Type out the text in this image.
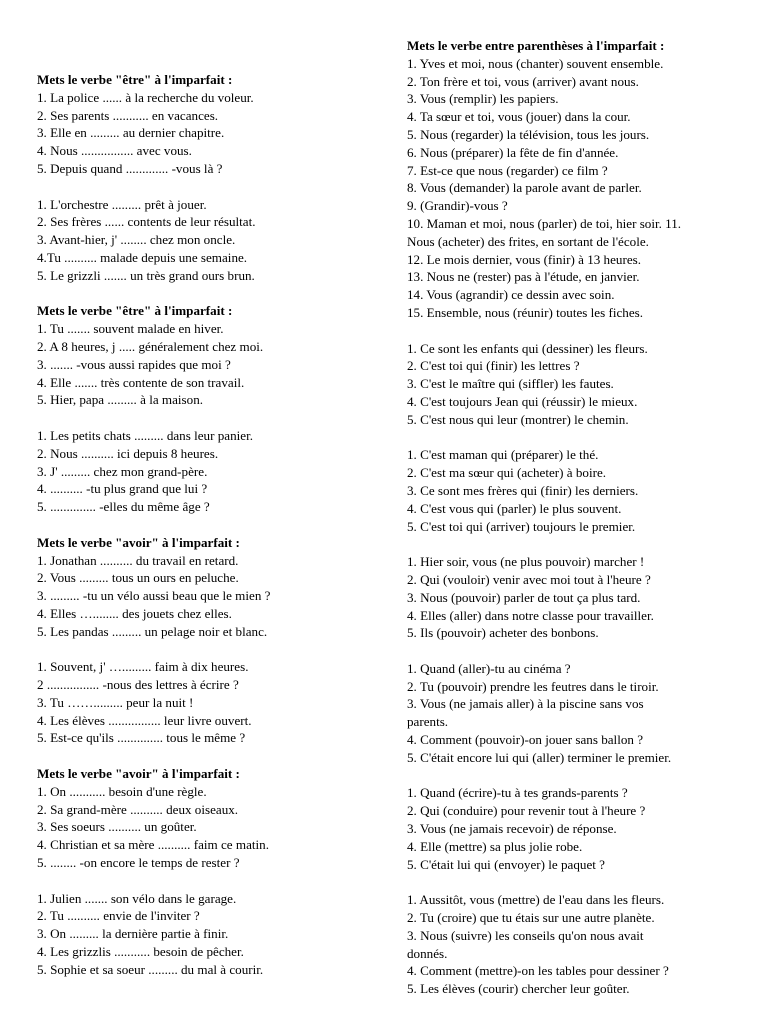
Mets le verbe "être" à l'imparfait :
1. La police ...... à la recherche du voleur.
2. Ses parents ........... en vacances.
3. Elle en ......... au dernier chapitre.
4. Nous ................ avec vous.
5. Depuis quand ............. -vous là ?
1. L'orchestre ......... prêt à jouer.
2. Ses frères ...... contents de leur résultat.
3. Avant-hier, j' ........ chez mon oncle.
4.Tu .......... malade depuis une semaine.
5. Le grizzli ....... un très grand ours brun.
Mets le verbe "être" à l'imparfait :
1. Tu ....... souvent malade en hiver.
2. A 8 heures, j ..... généralement chez moi.
3. ....... -vous aussi rapides que moi ?
4. Elle ....... très contente de son travail.
5. Hier, papa ......... à la maison.
1. Les petits chats ......... dans leur panier.
2. Nous .......... ici depuis 8 heures.
3. J' ......... chez mon grand-père.
4. .......... -tu plus grand que lui ?
5. .............. -elles du même âge ?
Mets le verbe "avoir" à l'imparfait :
1. Jonathan .......... du travail en retard.
2. Vous ......... tous un ours en peluche.
3. ......... -tu un vélo aussi beau que le mien ?
4. Elles …........ des jouets chez elles.
5. Les pandas ......... un pelage noir et blanc.
1. Souvent, j' …......... faim à dix heures.
2 ................ -nous des lettres à écrire ?
3. Tu ……......... peur la nuit !
4. Les élèves ................ leur livre ouvert.
5. Est-ce qu'ils .............. tous le même ?
Mets le verbe "avoir" à l'imparfait :
1. On ........... besoin d'une règle.
2. Sa grand-mère .......... deux oiseaux.
3. Ses soeurs .......... un goûter.
4. Christian et sa mère .......... faim ce matin.
5. ........ -on encore le temps de rester ?
1. Julien ....... son vélo dans le garage.
2. Tu .......... envie de l'inviter ?
3. On ......... la dernière partie à finir.
4. Les grizzlis ........... besoin de pêcher.
5. Sophie et sa soeur ......... du mal à courir.
Mets le verbe entre parenthèses à l'imparfait :
1. Yves et moi, nous (chanter) souvent ensemble.
2. Ton frère et toi, vous (arriver) avant nous.
3. Vous (remplir) les papiers.
4. Ta sœur et toi, vous (jouer) dans la cour.
5. Nous (regarder) la télévision, tous les jours.
6. Nous (préparer) la fête de fin d'année.
7. Est-ce que nous (regarder) ce film ?
8. Vous (demander) la parole avant de parler.
9. (Grandir)-vous ?
10. Maman et moi, nous (parler) de toi, hier soir. 11.
Nous (acheter) des frites, en sortant de l'école.
12. Le mois dernier, vous (finir) à 13 heures.
13. Nous ne (rester) pas à l'étude, en janvier.
14. Vous (agrandir) ce dessin avec soin.
15. Ensemble, nous (réunir) toutes les fiches.
1. Ce sont les enfants qui (dessiner) les fleurs.
2. C'est toi qui (finir) les lettres ?
3. C'est le maître qui (siffler) les fautes.
4. C'est toujours Jean qui (réussir) le mieux.
5. C'est nous qui leur (montrer) le chemin.
1. C'est maman qui (préparer) le thé.
2. C'est ma sœur qui (acheter) à boire.
3. Ce sont mes frères qui (finir) les derniers.
4. C'est vous qui (parler) le plus souvent.
5. C'est toi qui (arriver) toujours le premier.
1. Hier soir, vous (ne plus pouvoir) marcher !
2. Qui (vouloir) venir avec moi tout à l'heure ?
3. Nous (pouvoir) parler de tout ça plus tard.
4. Elles (aller) dans notre classe pour travailler.
5. Ils (pouvoir) acheter des bonbons.
1. Quand (aller)-tu au cinéma ?
2. Tu (pouvoir) prendre les feutres dans le tiroir.
3. Vous (ne jamais aller) à la piscine sans vos
parents.
4. Comment (pouvoir)-on jouer sans ballon ?
5. C'était encore lui qui (aller) terminer le premier.
1. Quand (écrire)-tu à tes grands-parents ?
2. Qui (conduire) pour revenir tout à l'heure ?
3. Vous (ne jamais recevoir) de réponse.
4. Elle (mettre) sa plus jolie robe.
5. C'était lui qui (envoyer) le paquet ?
1. Aussitôt, vous (mettre) de l'eau dans les fleurs.
2. Tu (croire) que tu étais sur une autre planète.
3. Nous (suivre) les conseils qu'on nous avait
donnés.
4. Comment (mettre)-on les tables pour dessiner ?
5. Les élèves (courir) chercher leur goûter.
